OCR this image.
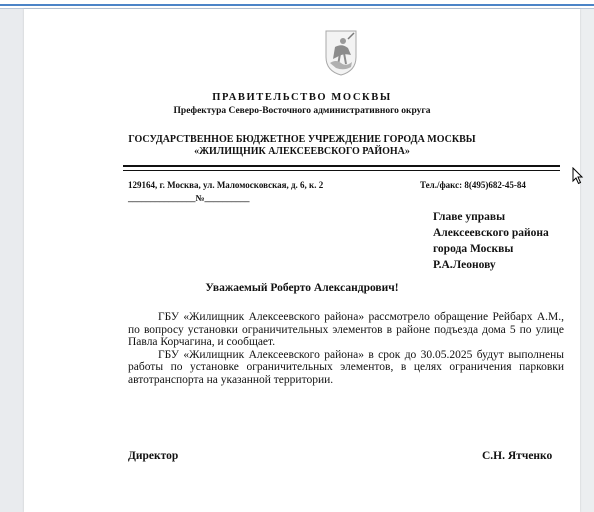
ПРАВИТЕЛЬСТВО МОСКВЫ
Префектура Северо-Восточного административного округа
ГОСУДАРСТВЕННОЕ БЮДЖЕТНОЕ УЧРЕЖДЕНИЕ ГОРОДА МОСКВЫ
«ЖИЛИЩНИК АЛЕКСЕЕВСКОГО РАЙОНА»
129164, г. Москва, ул. Маломосковская, д. 6, к. 2	Тел./факс: 8(495)682-45-84
_______________№__________
Главе управы
Алексеевского района
города Москвы
Р.А.Леонову
Уважаемый Роберто Александрович!

ГБУ «Жилищник Алексеевского района» рассмотрело обращение Рейбарх А.М., по вопросу установки ограничительных элементов в районе подъезда дома 5 по улице Павла Корчагина, и сообщает.

ГБУ «Жилищник Алексеевского района» в срок до 30.05.2025 будут выполнены работы по установке ограничительных элементов, в целях ограничения парковки автотранспорта на указанной территории.

Директор	С.Н. Ятченко
